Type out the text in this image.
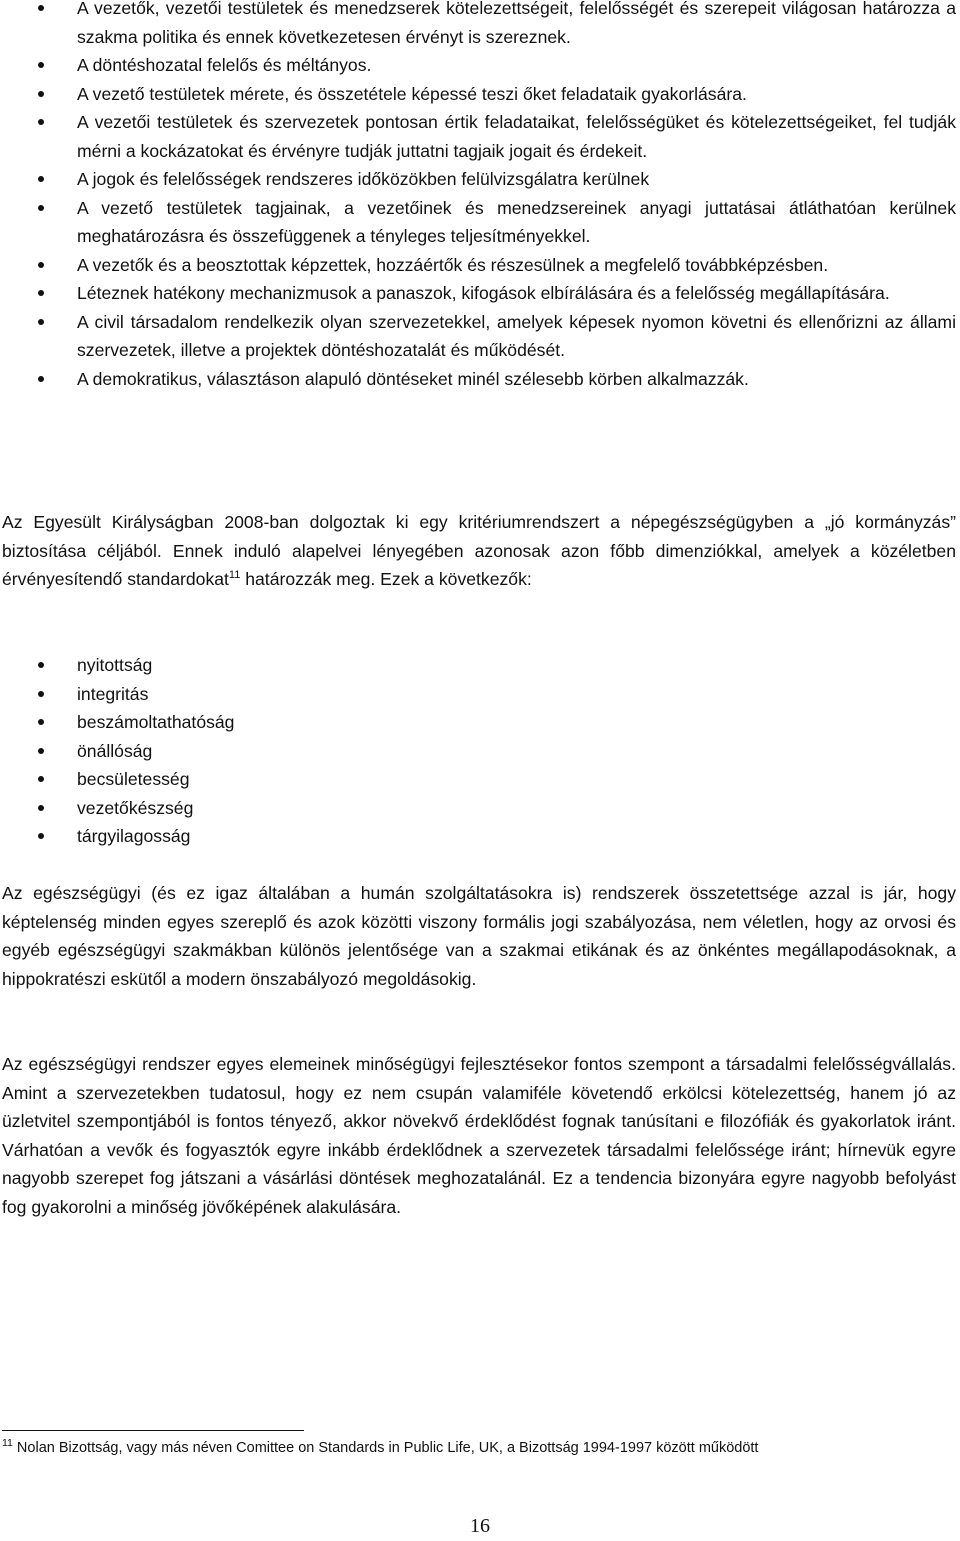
A vezetők, vezetői testületek és menedzserek kötelezettségeit, felelősségét és szerepeit világosan határozza a szakma politika és ennek következetesen érvényt is szereznek.
A döntéshozatal felelős és méltányos.
A vezető testületek mérete, és összetétele képessé teszi őket feladataik gyakorlására.
A vezetői testületek és szervezetek pontosan értik feladataikat, felelősségüket és kötelezettségeiket, fel tudják mérni a kockázatokat és érvényre tudják juttatni tagjaik jogait és érdekeit.
A jogok és felelősségek rendszeres időközökben felülvizsgálatra kerülnek
A vezető testületek tagjainak, a vezetőinek és menedzsereinek anyagi juttatásai átláthatóan kerülnek meghatározásra és összefüggenek a tényleges teljesítményekkel.
A vezetők és a beosztottak képzettek, hozzáértők és részesülnek a megfelelő továbbképzésben.
Léteznek hatékony mechanizmusok a panaszok, kifogások elbírálására és a felelősség megállapítására.
A civil társadalom rendelkezik olyan szervezetekkel, amelyek képesek nyomon követni és ellenőrizni az állami szervezetek, illetve a projektek döntéshozatalát és működését.
A demokratikus, választáson alapuló döntéseket minél szélesebb körben alkalmazzák.

Az Egyesült Királyságban 2008-ban dolgoztak ki egy kritériumrendszert a népegészségügyben a „jó kormányzás” biztosítása céljából. Ennek induló alapelvei lényegében azonosak azon főbb dimenziókkal, amelyek a közéletben érvényesítendő standardokat$^{11}$ határozzák meg. Ezek a következők:

nyitottság
integritás
beszámoltathatóság
önállóság
becsületesség
vezetőkészség
tárgyilagosság

Az egészségügyi (és ez igaz általában a humán szolgáltatásokra is) rendszerek összetettsége azzal is jár, hogy képtelenség minden egyes szereplő és azok közötti viszony formális jogi szabályozása, nem véletlen, hogy az orvosi és egyéb egészségügyi szakmákban különös jelentősége van a szakmai etikának és az önkéntes megállapodásoknak, a hippokratészi eskütől a modern önszabályozó megoldásokig.

Az egészségügyi rendszer egyes elemeinek minőségügyi fejlesztésekor fontos szempont a társadalmi felelősségvállalás. Amint a szervezetekben tudatosul, hogy ez nem csupán valamiféle követendő erkölcsi kötelezettség, hanem jó az üzletvitel szempontjából is fontos tényező, akkor növekvő érdeklődést fognak tanúsítani e filozófiák és gyakorlatok iránt. Várhatóan a vevők és fogyasztók egyre inkább érdeklődnek a szervezetek társadalmi felelőssége iránt; hírnevük egyre nagyobb szerepet fog játszani a vásárlási döntések meghozatalánál. Ez a tendencia bizonyára egyre nagyobb befolyást fog gyakorolni a minőség jövőképének alakulására.

$^{11}$ Nolan Bizottság, vagy más néven Comittee on Standards in Public Life, UK, a Bizottság 1994-1997 között működött

16
